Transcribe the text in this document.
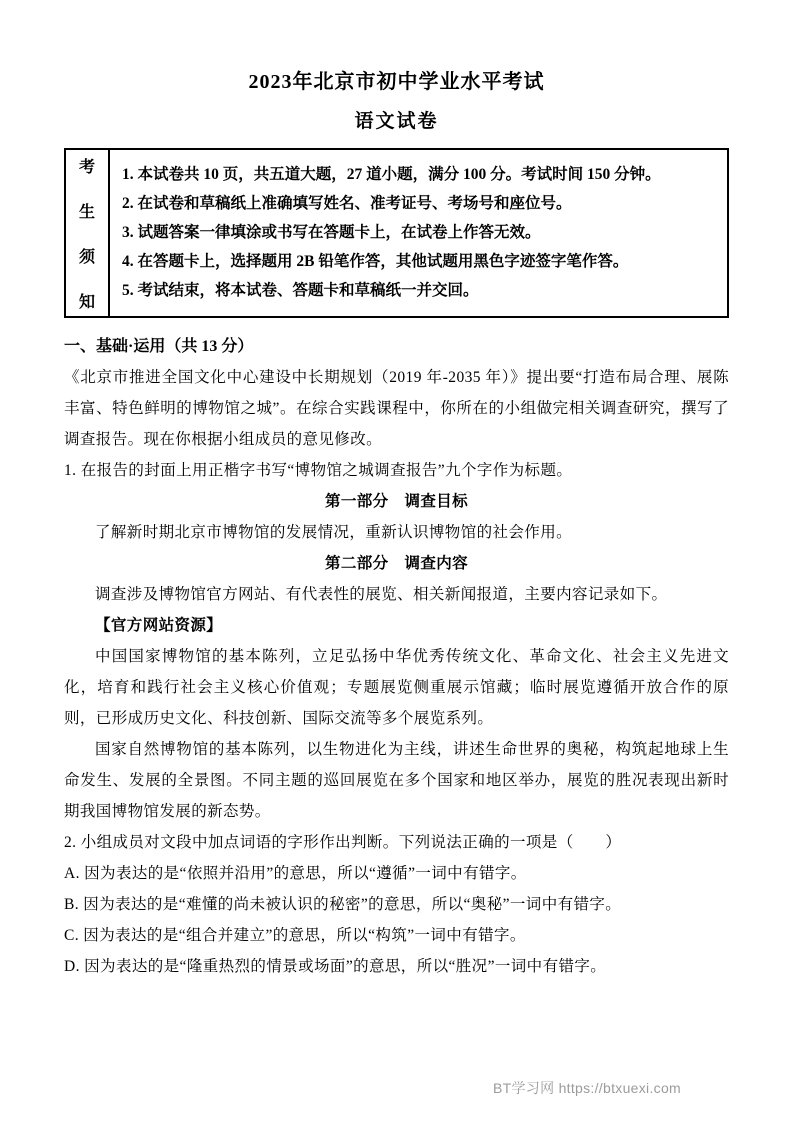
2023年北京市初中学业水平考试
语文试卷
考
生
须
知
1. 本试卷共 10 页，共五道大题，27 道小题，满分 100 分。考试时间 150 分钟。
2. 在试卷和草稿纸上准确填写姓名、准考证号、考场号和座位号。
3. 试题答案一律填涂或书写在答题卡上，在试卷上作答无效。
4. 在答题卡上，选择题用 2B 铅笔作答，其他试题用黑色字迹签字笔作答。
5. 考试结束，将本试卷、答题卡和草稿纸一并交回。
一、基础·运用（共 13 分）

《北京市推进全国文化中心建设中长期规划（2019 年-2035 年）》提出要“打造布局合理、展陈丰富、特色鲜明的博物馆之城”。在综合实践课程中，你所在的小组做完相关调查研究，撰写了调查报告。现在你根据小组成员的意见修改。

1. 在报告的封面上用正楷字书写“博物馆之城调查报告”九个字作为标题。

第一部分　调查目标

了解新时期北京市博物馆的发展情况，重新认识博物馆的社会作用。

第二部分　调查内容

调查涉及博物馆官方网站、有代表性的展览、相关新闻报道，主要内容记录如下。

【官方网站资源】

中国国家博物馆的基本陈列，立足弘扬中华优秀传统文化、革命文化、社会主义先进文化，培育和践行社会主义核心价值观；专题展览侧重展示馆藏；临时展览遵循开放合作的原则，已形成历史文化、科技创新、国际交流等多个展览系列。

国家自然博物馆的基本陈列，以生物进化为主线，讲述生命世界的奥秘，构筑起地球上生命发生、发展的全景图。不同主题的巡回展览在多个国家和地区举办，展览的胜况表现出新时期我国博物馆发展的新态势。

2. 小组成员对文段中加点词语的字形作出判断。下列说法正确的一项是（　　）

A. 因为表达的是“依照并沿用”的意思，所以“遵循”一词中有错字。

B. 因为表达的是“难懂的尚未被认识的秘密”的意思，所以“奥秘”一词中有错字。

C. 因为表达的是“组合并建立”的意思，所以“构筑”一词中有错字。

D. 因为表达的是“隆重热烈的情景或场面”的意思，所以“胜况”一词中有错字。

BT学习网 https://btxuexi.com
